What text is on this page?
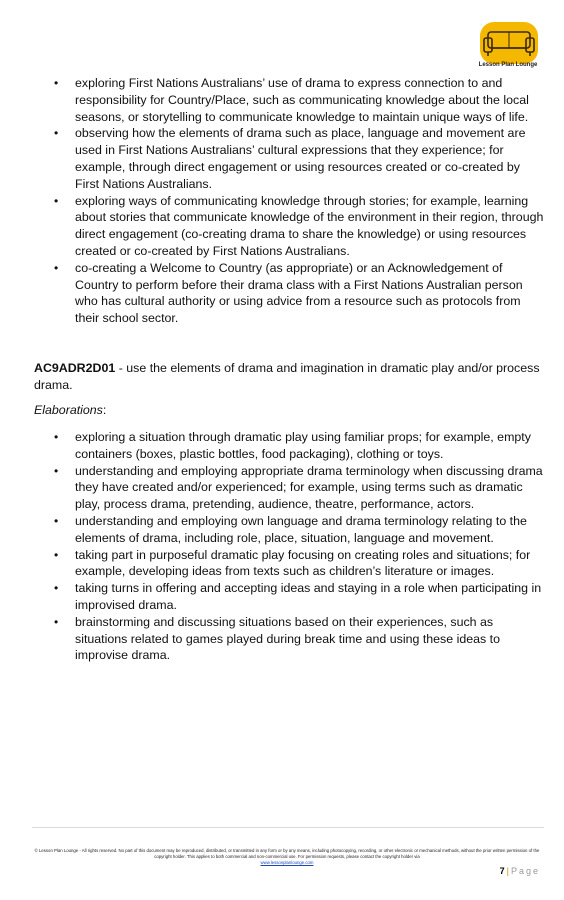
Lesson Plan Lounge
• exploring First Nations Australians’ use of drama to express connection to and responsibility for Country/Place, such as communicating knowledge about the local seasons, or storytelling to communicate knowledge to maintain unique ways of life.
• observing how the elements of drama such as place, language and movement are used in First Nations Australians’ cultural expressions that they experience; for example, through direct engagement or using resources created or co-created by First Nations Australians.
• exploring ways of communicating knowledge through stories; for example, learning about stories that communicate knowledge of the environment in their region, through direct engagement (co-creating drama to share the knowledge) or using resources created or co-created by First Nations Australians.
• co-creating a Welcome to Country (as appropriate) or an Acknowledgement of Country to perform before their drama class with a First Nations Australian person who has cultural authority or using advice from a resource such as protocols from their school sector.
AC9ADR2D01 - use the elements of drama and imagination in dramatic play and/or process drama.
Elaborations:
• exploring a situation through dramatic play using familiar props; for example, empty containers (boxes, plastic bottles, food packaging), clothing or toys.
• understanding and employing appropriate drama terminology when discussing drama they have created and/or experienced; for example, using terms such as dramatic play, process drama, pretending, audience, theatre, performance, actors.
• understanding and employing own language and drama terminology relating to the elements of drama, including role, place, situation, language and movement.
• taking part in purposeful dramatic play focusing on creating roles and situations; for example, developing ideas from texts such as children’s literature or images.
• taking turns in offering and accepting ideas and staying in a role when participating in improvised drama.
• brainstorming and discussing situations based on their experiences, such as situations related to games played during break time and using these ideas to improvise drama.
© Lesson Plan Lounge - All rights reserved. No part of this document may be reproduced, distributed, or transmitted in any form or by any means, including photocopying, recording, or other electronic or mechanical methods, without the prior written permission of the copyright holder. This applies to both commercial and non-commercial use. For permission requests, please contact the copyright holder via
www.lessonplanlounge.com
7 | Page
